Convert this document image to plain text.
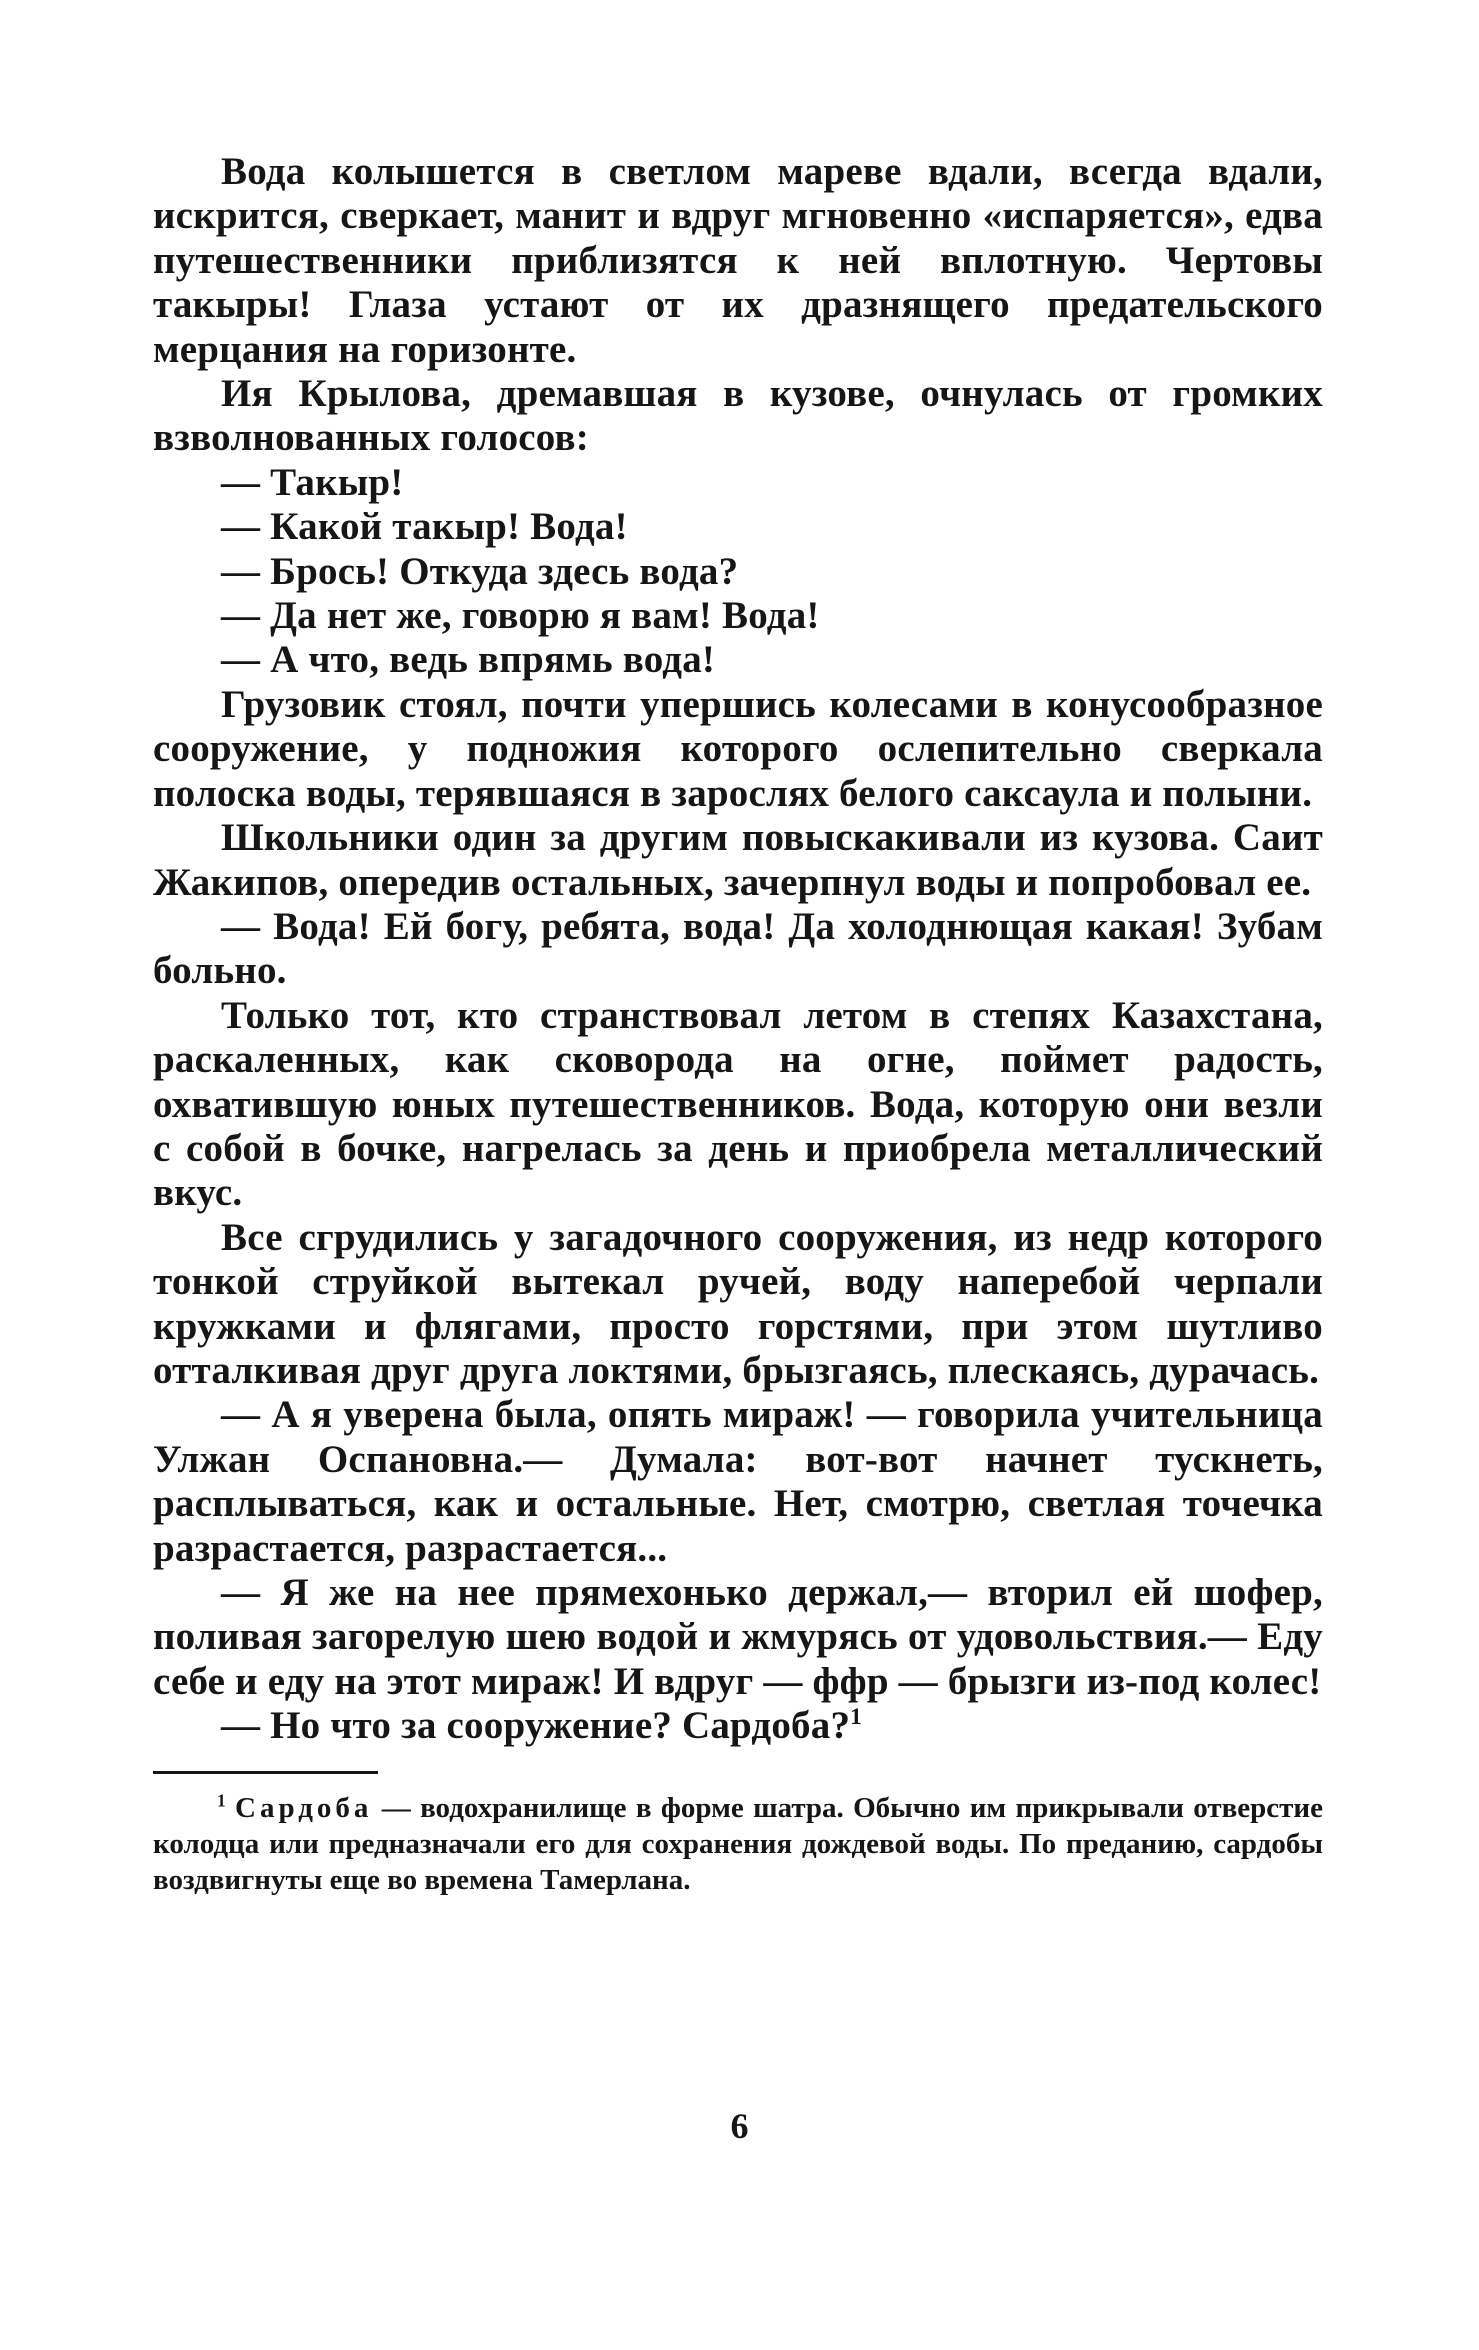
Вода колышется в светлом мареве вдали, всегда вдали, искрится, сверкает, манит и вдруг мгновенно «испаряется», едва путешественники приблизятся к ней вплотную. Чертовы такыры! Глаза устают от их дразнящего предательского мерцания на горизонте.

Ия Крылова, дремавшая в кузове, очнулась от громких взволнованных голосов:

— Такыр!

— Какой такыр! Вода!

— Брось! Откуда здесь вода?

— Да нет же, говорю я вам! Вода!

— А что, ведь впрямь вода!

Грузовик стоял, почти упершись колесами в конусообразное сооружение, у подножия которого ослепительно сверкала полоска воды, терявшаяся в зарослях белого саксаула и полыни.

Школьники один за другим повыскакивали из кузова. Саит Жакипов, опередив остальных, зачерпнул воды и попробовал ее.

— Вода! Ей богу, ребята, вода! Да холоднющая какая! Зубам больно.

Только тот, кто странствовал летом в степях Казахстана, раскаленных, как сковорода на огне, поймет радость, охватившую юных путешественников. Вода, которую они везли с собой в бочке, нагрелась за день и приобрела металлический вкус.

Все сгрудились у загадочного сооружения, из недр которого тонкой струйкой вытекал ручей, воду наперебой черпали кружками и флягами, просто горстями, при этом шутливо отталкивая друг друга локтями, брызгаясь, плескаясь, дурачась.

— А я уверена была, опять мираж! — говорила учительница Улжан Оспановна.— Думала: вот-вот начнет тускнеть, расплываться, как и остальные. Нет, смотрю, светлая точечка разрастается, разрастается...

— Я же на нее прямехонько держал,— вторил ей шофер, поливая загорелую шею водой и жмурясь от удовольствия.— Еду себе и еду на этот мираж! И вдруг — ффр — брызги из-под колес!

— Но что за сооружение? Сардоба?$^1$

$^1$ Сардоба — водохранилище в форме шатра. Обычно им прикрывали отверстие колодца или предназначали его для сохранения дождевой воды. По преданию, сардобы воздвигнуты еще во времена Тамерлана.

6
